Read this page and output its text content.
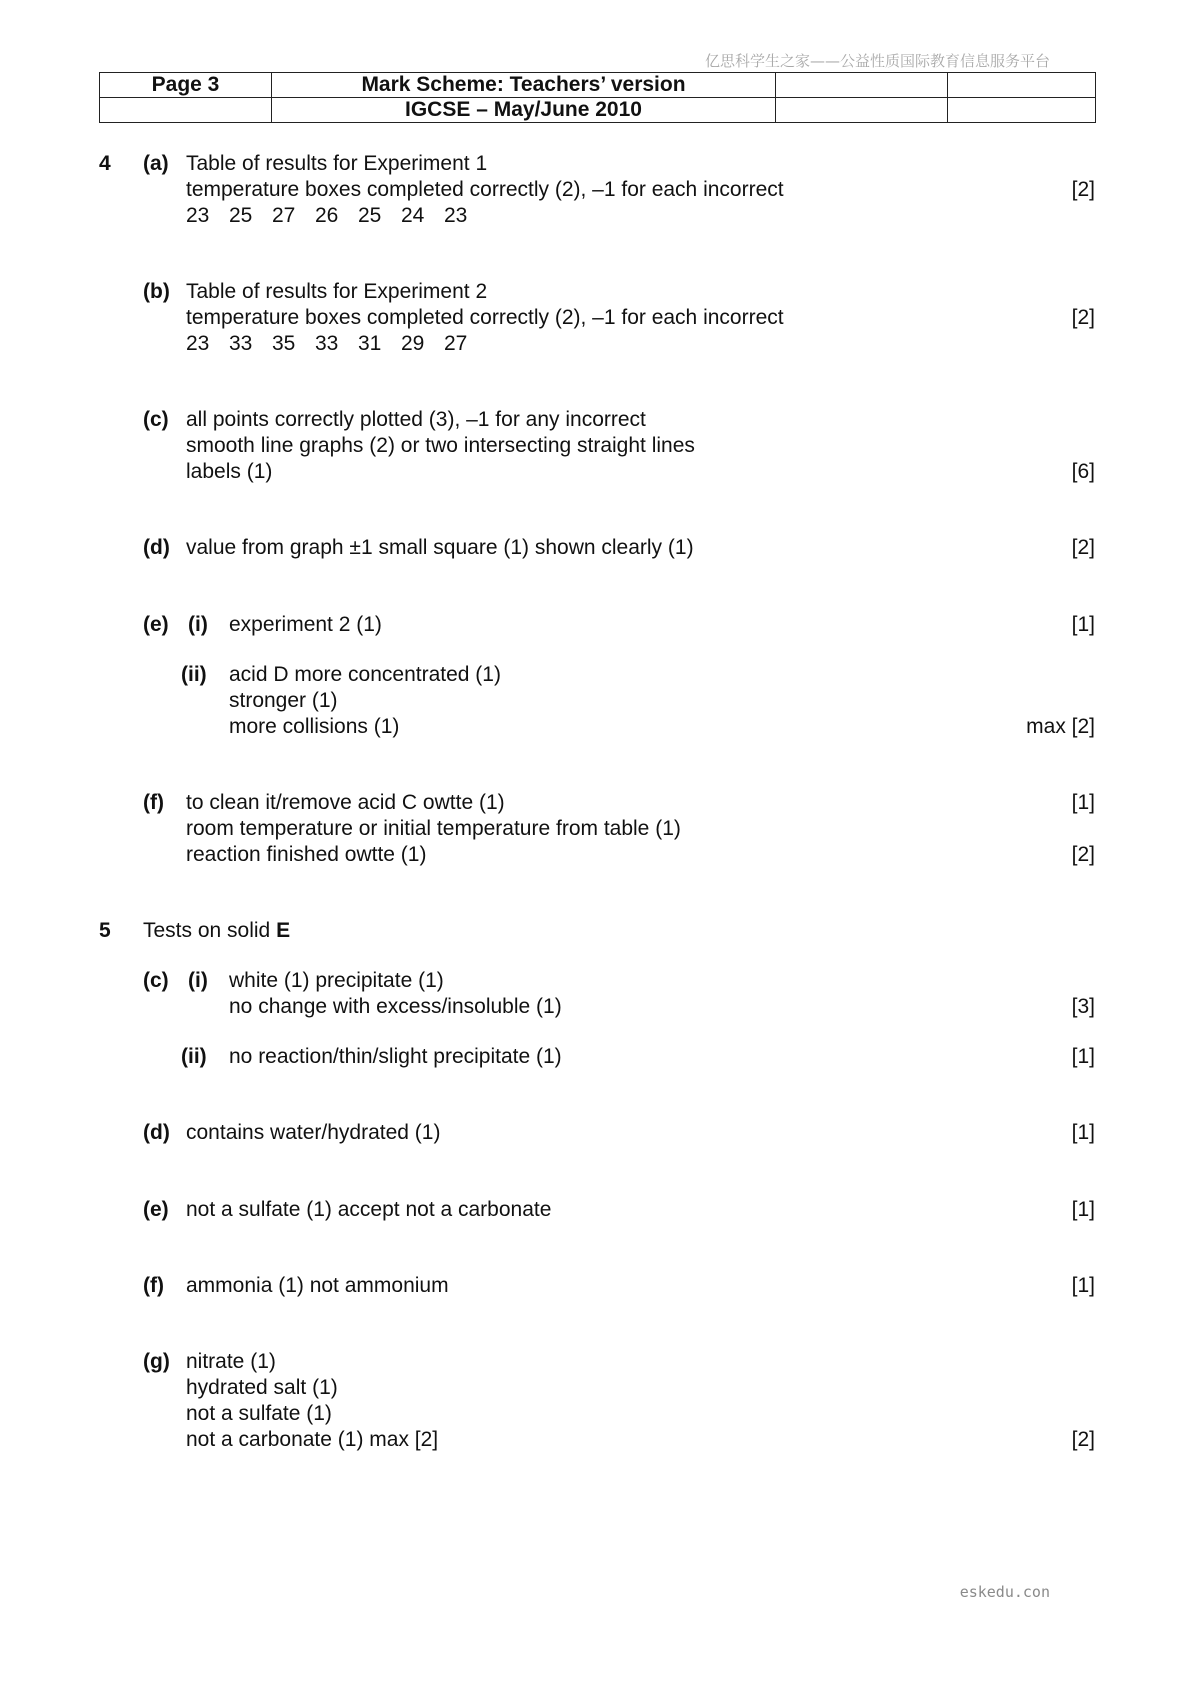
亿思科学生之家——公益性质国际教育信息服务平台
Page 3	Mark Scheme: Teachers’ version		
	IGCSE – May/June 2010		
4 (a) Table of results for Experiment 1
temperature boxes completed correctly (2), –1 for each incorrect	[2]
23 25 27 26 25 24 23
(b) Table of results for Experiment 2
temperature boxes completed correctly (2), –1 for each incorrect	[2]
23 33 35 33 31 29 27
(c) all points correctly plotted (3), –1 for any incorrect
smooth line graphs (2) or two intersecting straight lines
labels (1)	[6]
(d) value from graph ±1 small square (1) shown clearly (1)	[2]
(e) (i) experiment 2 (1)	[1]
(ii) acid D more concentrated (1)
stronger (1)
more collisions (1)	max [2]
(f) to clean it/remove acid C owtte (1)	[1]
room temperature or initial temperature from table (1)
reaction finished owtte (1)	[2]
5 Tests on solid E
(c) (i) white (1) precipitate (1)
no change with excess/insoluble (1)	[3]
(ii) no reaction/thin/slight precipitate (1)	[1]
(d) contains water/hydrated (1)	[1]
(e) not a sulfate (1) accept not a carbonate	[1]
(f) ammonia (1) not ammonium	[1]
(g) nitrate (1)
hydrated salt (1)
not a sulfate (1)
not a carbonate (1) max [2]	[2]
eskedu.con
